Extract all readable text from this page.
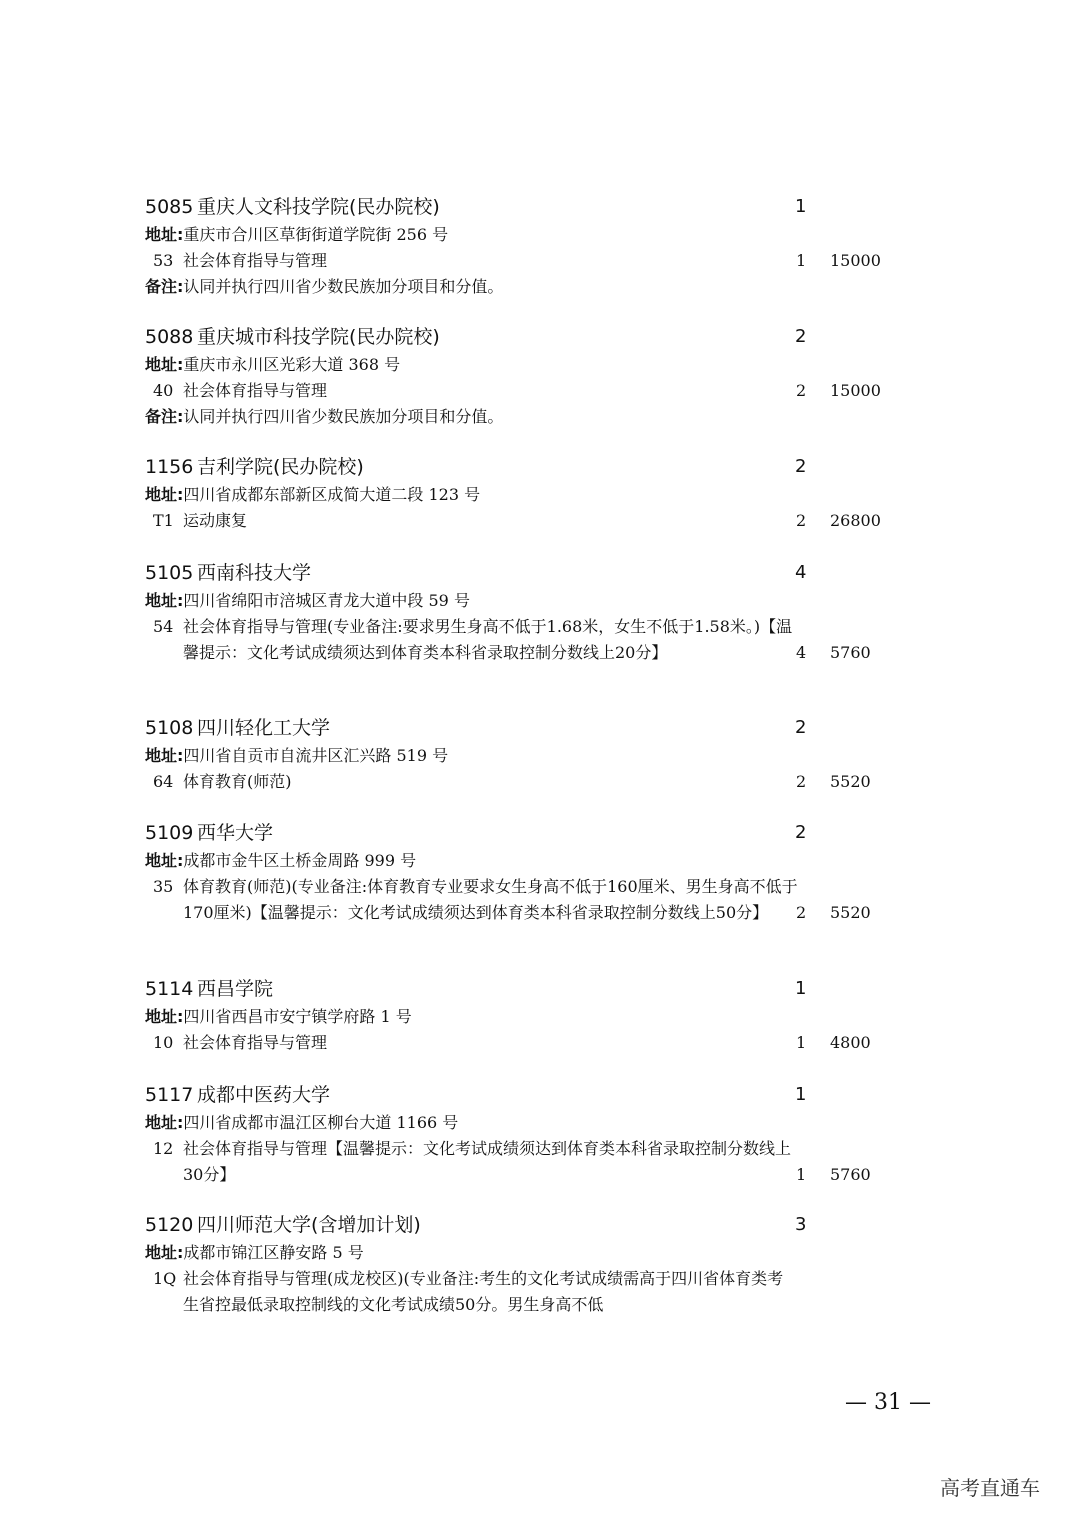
5085 重庆人文科技学院(民办院校)	1
地址:重庆市合川区草街街道学院街 256 号
53 社会体育指导与管理	1 15000
备注:认同并执行四川省少数民族加分项目和分值。
5088 重庆城市科技学院(民办院校)	2
地址:重庆市永川区光彩大道 368 号
40 社会体育指导与管理	2 15000
备注:认同并执行四川省少数民族加分项目和分值。
1156 吉利学院(民办院校)	2
地址:四川省成都东部新区成简大道二段 123 号
T1 运动康复	2 26800
5105 西南科技大学	4
地址:四川省绵阳市涪城区青龙大道中段 59 号
54 社会体育指导与管理(专业备注:要求男生身高不低于1.68米，女生不低于1.58米。)【温馨提示：文化考试成绩须达到体育类本科省录取控制分数线上20分】	4 5760
5108 四川轻化工大学	2
地址:四川省自贡市自流井区汇兴路 519 号
64 体育教育(师范)	2 5520
5109 西华大学	2
地址:成都市金牛区土桥金周路 999 号
35 体育教育(师范)(专业备注:体育教育专业要求女生身高不低于160厘米、男生身高不低于170厘米)【温馨提示：文化考试成绩须达到体育类本科省录取控制分数线上50分】	2 5520
5114 西昌学院	1
地址:四川省西昌市安宁镇学府路 1 号
10 社会体育指导与管理	1 4800
5117 成都中医药大学	1
地址:四川省成都市温江区柳台大道 1166 号
12 社会体育指导与管理【温馨提示：文化考试成绩须达到体育类本科省录取控制分数线上30分】	1 5760
5120 四川师范大学(含增加计划)	3
地址:成都市锦江区静安路 5 号
1Q 社会体育指导与管理(成龙校区)(专业备注:考生的文化考试成绩需高于四川省体育类考生省控最低录取控制线的文化考试成绩50分。男生身高不低
— 31 —
高考直通车
